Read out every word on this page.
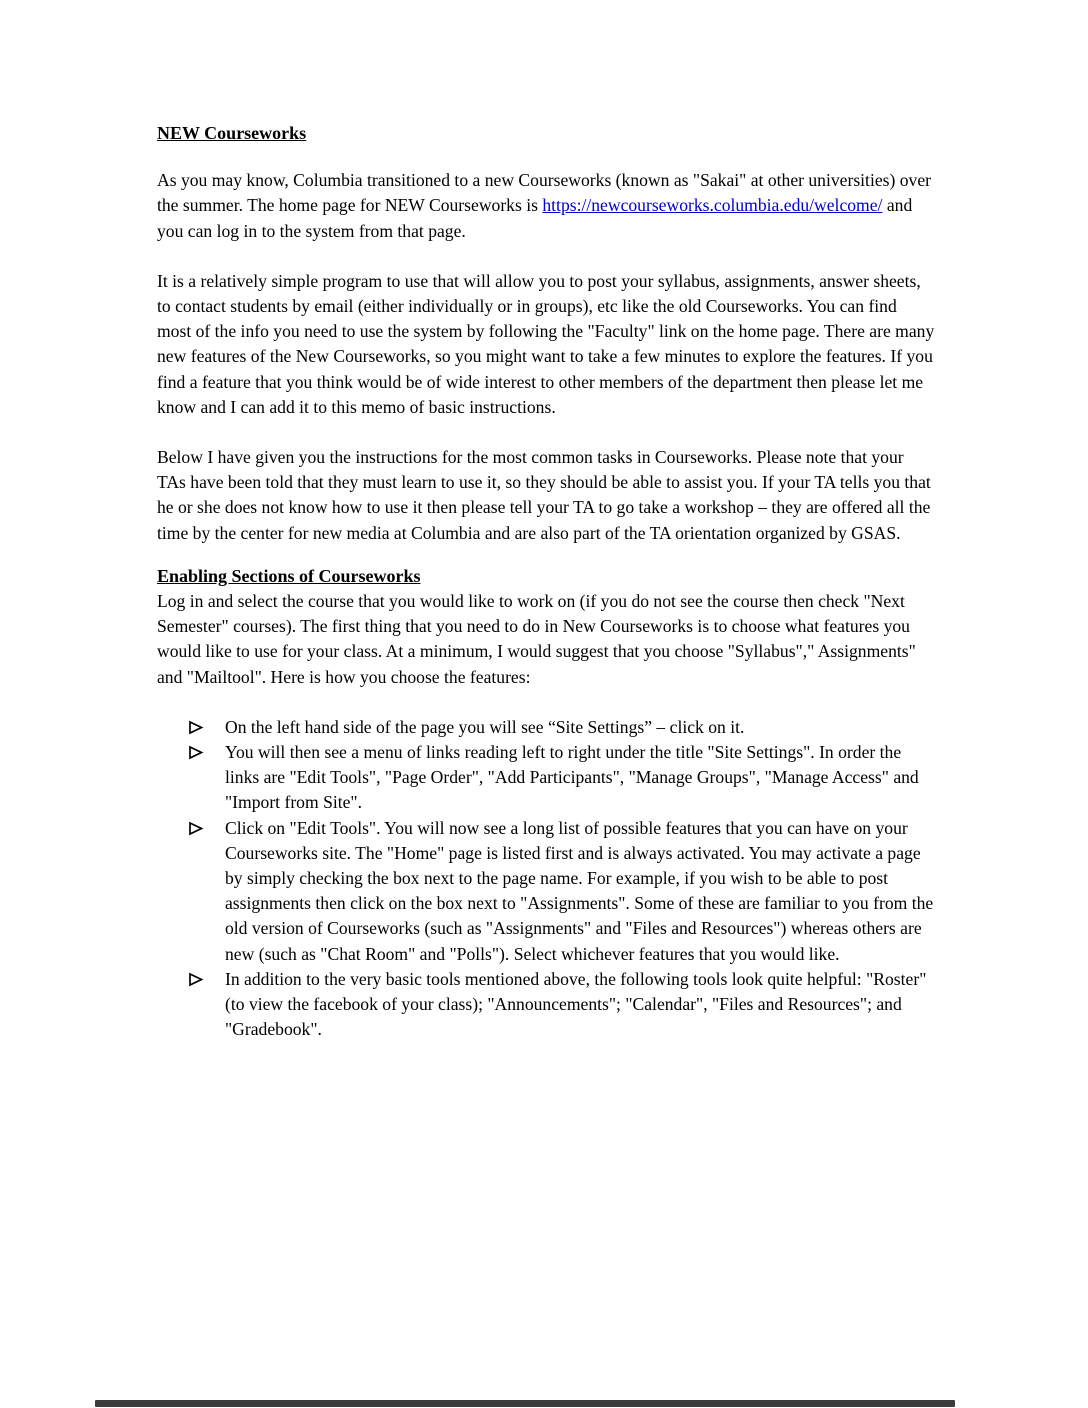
NEW Courseworks

As you may know, Columbia transitioned to a new Courseworks (known as "Sakai" at other universities) over the summer. The home page for NEW Courseworks is https://newcourseworks.columbia.edu/welcome/ and you can log in to the system from that page.

It is a relatively simple program to use that will allow you to post your syllabus, assignments, answer sheets, to contact students by email (either individually or in groups), etc like the old Courseworks. You can find most of the info you need to use the system by following the "Faculty" link on the home page. There are many new features of the New Courseworks, so you might want to take a few minutes to explore the features. If you find a feature that you think would be of wide interest to other members of the department then please let me know and I can add it to this memo of basic instructions.

Below I have given you the instructions for the most common tasks in Courseworks. Please note that your TAs have been told that they must learn to use it, so they should be able to assist you. If your TA tells you that he or she does not know how to use it then please tell your TA to go take a workshop – they are offered all the time by the center for new media at Columbia and are also part of the TA orientation organized by GSAS.

Enabling Sections of Courseworks

Log in and select the course that you would like to work on (if you do not see the course then check "Next Semester" courses). The first thing that you need to do in New Courseworks is to choose what features you would like to use for your class. At a minimum, I would suggest that you choose "Syllabus"," Assignments" and "Mailtool". Here is how you choose the features:

On the left hand side of the page you will see “Site Settings” – click on it.
You will then see a menu of links reading left to right under the title "Site Settings". In order the links are "Edit Tools", "Page Order", "Add Participants", "Manage Groups", "Manage Access" and "Import from Site".
Click on "Edit Tools". You will now see a long list of possible features that you can have on your Courseworks site. The "Home" page is listed first and is always activated. You may activate a page by simply checking the box next to the page name. For example, if you wish to be able to post assignments then click on the box next to "Assignments". Some of these are familiar to you from the old version of Courseworks (such as "Assignments" and "Files and Resources") whereas others are new (such as "Chat Room" and "Polls"). Select whichever features that you would like.
In addition to the very basic tools mentioned above, the following tools look quite helpful: "Roster" (to view the facebook of your class); "Announcements"; "Calendar", "Files and Resources"; and "Gradebook".
